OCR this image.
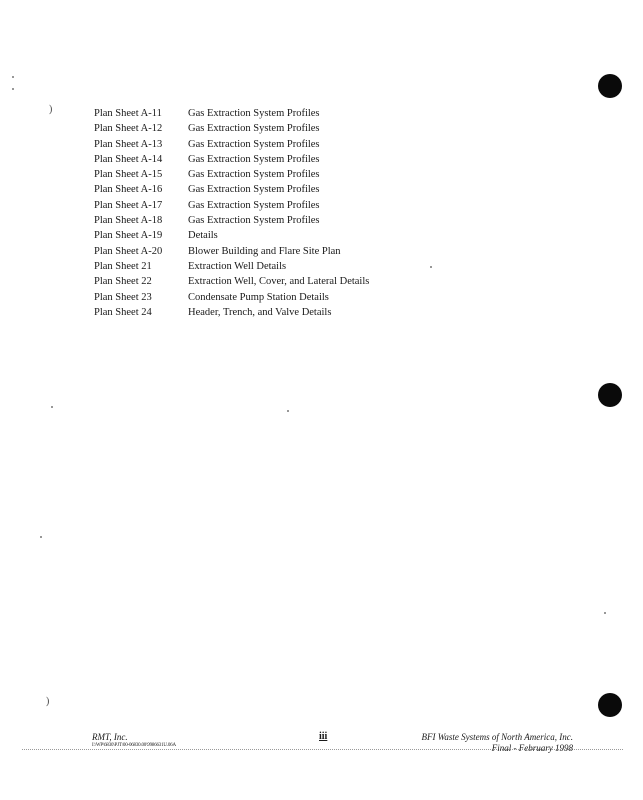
)
)
Plan Sheet A-11	Gas Extraction System Profiles
Plan Sheet A-12	Gas Extraction System Profiles
Plan Sheet A-13	Gas Extraction System Profiles
Plan Sheet A-14	Gas Extraction System Profiles
Plan Sheet A-15	Gas Extraction System Profiles
Plan Sheet A-16	Gas Extraction System Profiles
Plan Sheet A-17	Gas Extraction System Profiles
Plan Sheet A-18	Gas Extraction System Profiles
Plan Sheet A-19	Details
Plan Sheet A-20	Blower Building and Flare Site Plan
Plan Sheet 21	Extraction Well Details
Plan Sheet 22	Extraction Well, Cover, and Lateral Details
Plan Sheet 23	Condensate Pump Station Details
Plan Sheet 24	Header, Trench, and Valve Details
RMT, Inc.
I:\WP\6830\PJT\00-06830.00\9986631U.06A
iii	BFI Waste Systems of North America, Inc.
Final - February 1998
